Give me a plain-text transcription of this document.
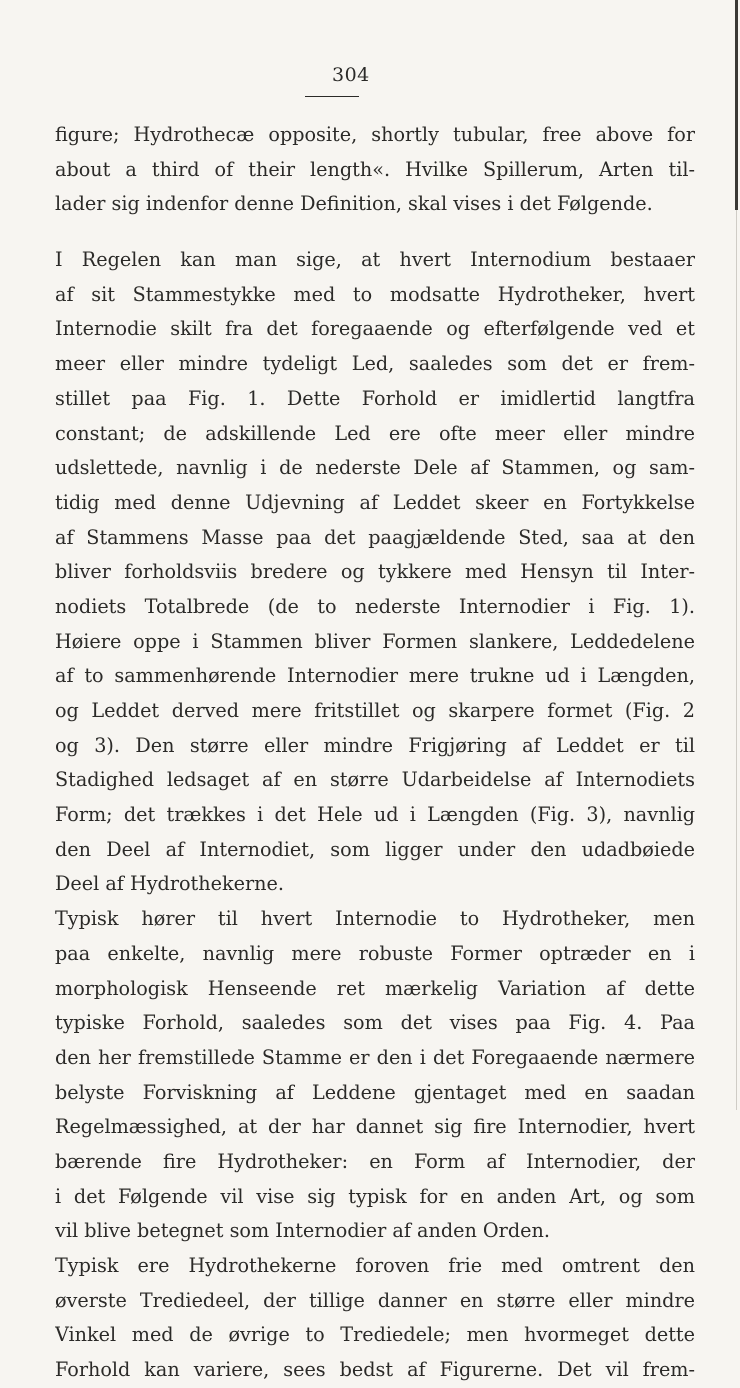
304
figure; Hydrothecæ opposite, shortly tubular, free above for
about a third of their length«. Hvilke Spillerum, Arten til-
lader sig indenfor denne Definition, skal vises i det Følgende.
I Regelen kan man sige, at hvert Internodium bestaaer
af sit Stammestykke med to modsatte Hydrotheker, hvert
Internodie skilt fra det foregaaende og efterfølgende ved et
meer eller mindre tydeligt Led, saaledes som det er frem-
stillet paa Fig. 1. Dette Forhold er imidlertid langtfra
constant; de adskillende Led ere ofte meer eller mindre
udslettede, navnlig i de nederste Dele af Stammen, og sam-
tidig med denne Udjevning af Leddet skeer en Fortykkelse
af Stammens Masse paa det paagjældende Sted, saa at den
bliver forholdsviis bredere og tykkere med Hensyn til Inter-
nodiets Totalbrede (de to nederste Internodier i Fig. 1).
Høiere oppe i Stammen bliver Formen slankere, Leddedelene
af to sammenhørende Internodier mere trukne ud i Længden,
og Leddet derved mere fritstillet og skarpere formet (Fig. 2
og 3). Den større eller mindre Frigjøring af Leddet er til
Stadighed ledsaget af en større Udarbeidelse af Internodiets
Form; det trækkes i det Hele ud i Længden (Fig. 3), navnlig
den Deel af Internodiet, som ligger under den udadbøiede
Deel af Hydrothekerne.
Typisk hører til hvert Internodie to Hydrotheker, men
paa enkelte, navnlig mere robuste Former optræder en i
morphologisk Henseende ret mærkelig Variation af dette
typiske Forhold, saaledes som det vises paa Fig. 4. Paa
den her fremstillede Stamme er den i det Foregaaende nærmere
belyste Forviskning af Leddene gjentaget med en saadan
Regelmæssighed, at der har dannet sig fire Internodier, hvert
bærende fire Hydrotheker: en Form af Internodier, der
i det Følgende vil vise sig typisk for en anden Art, og som
vil blive betegnet som Internodier af anden Orden.
Typisk ere Hydrothekerne foroven frie med omtrent den
øverste Trediedeel, der tillige danner en større eller mindre
Vinkel med de øvrige to Trediedele; men hvormeget dette
Forhold kan variere, sees bedst af Figurerne. Det vil frem-
